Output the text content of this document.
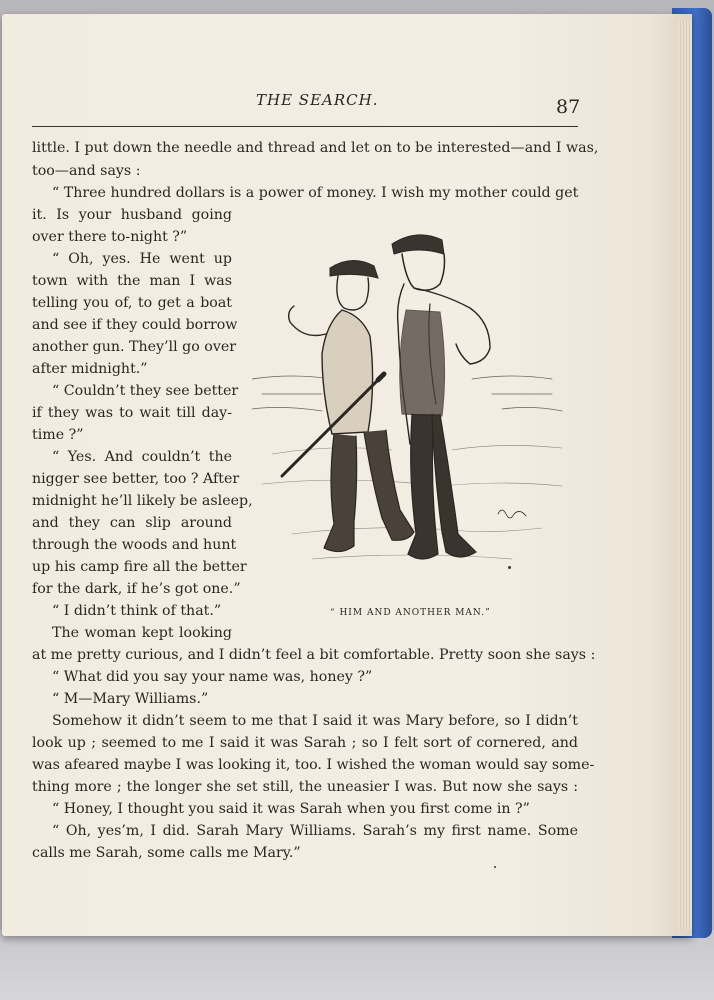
THE SEARCH.	87
little. I put down the needle and thread and let on to be interested—and I was,
too—and says :
“ Three hundred dollars is a power of money. I wish my mother could get
it. Is your husband going
over there to-night ?”
“ Oh, yes. He went up
town with the man I was
telling you of, to get a boat
and see if they could borrow
another gun. They’ll go over
after midnight.”
“ Couldn’t they see better
if they was to wait till day-
time ?”
“ Yes. And couldn’t the
nigger see better, too ? After
midnight he’ll likely be asleep,
and they can slip around
through the woods and hunt
up his camp fire all the better
for the dark, if he’s got one.”
“ I didn’t think of that.”
The woman kept looking
at me pretty curious, and I didn’t feel a bit comfortable. Pretty soon she says :
“ What did you say your name was, honey ?”
“ M—Mary Williams.”
Somehow it didn’t seem to me that I said it was Mary before, so I didn’t
look up ; seemed to me I said it was Sarah ; so I felt sort of cornered, and
was afeared maybe I was looking it, too. I wished the woman would say some-
thing more ; the longer she set still, the uneasier I was. But now she says :
“ Honey, I thought you said it was Sarah when you first come in ?”
“ Oh, yes’m, I did. Sarah Mary Williams. Sarah’s my first name. Some
calls me Sarah, some calls me Mary.”
“ HIM AND ANOTHER MAN.”
